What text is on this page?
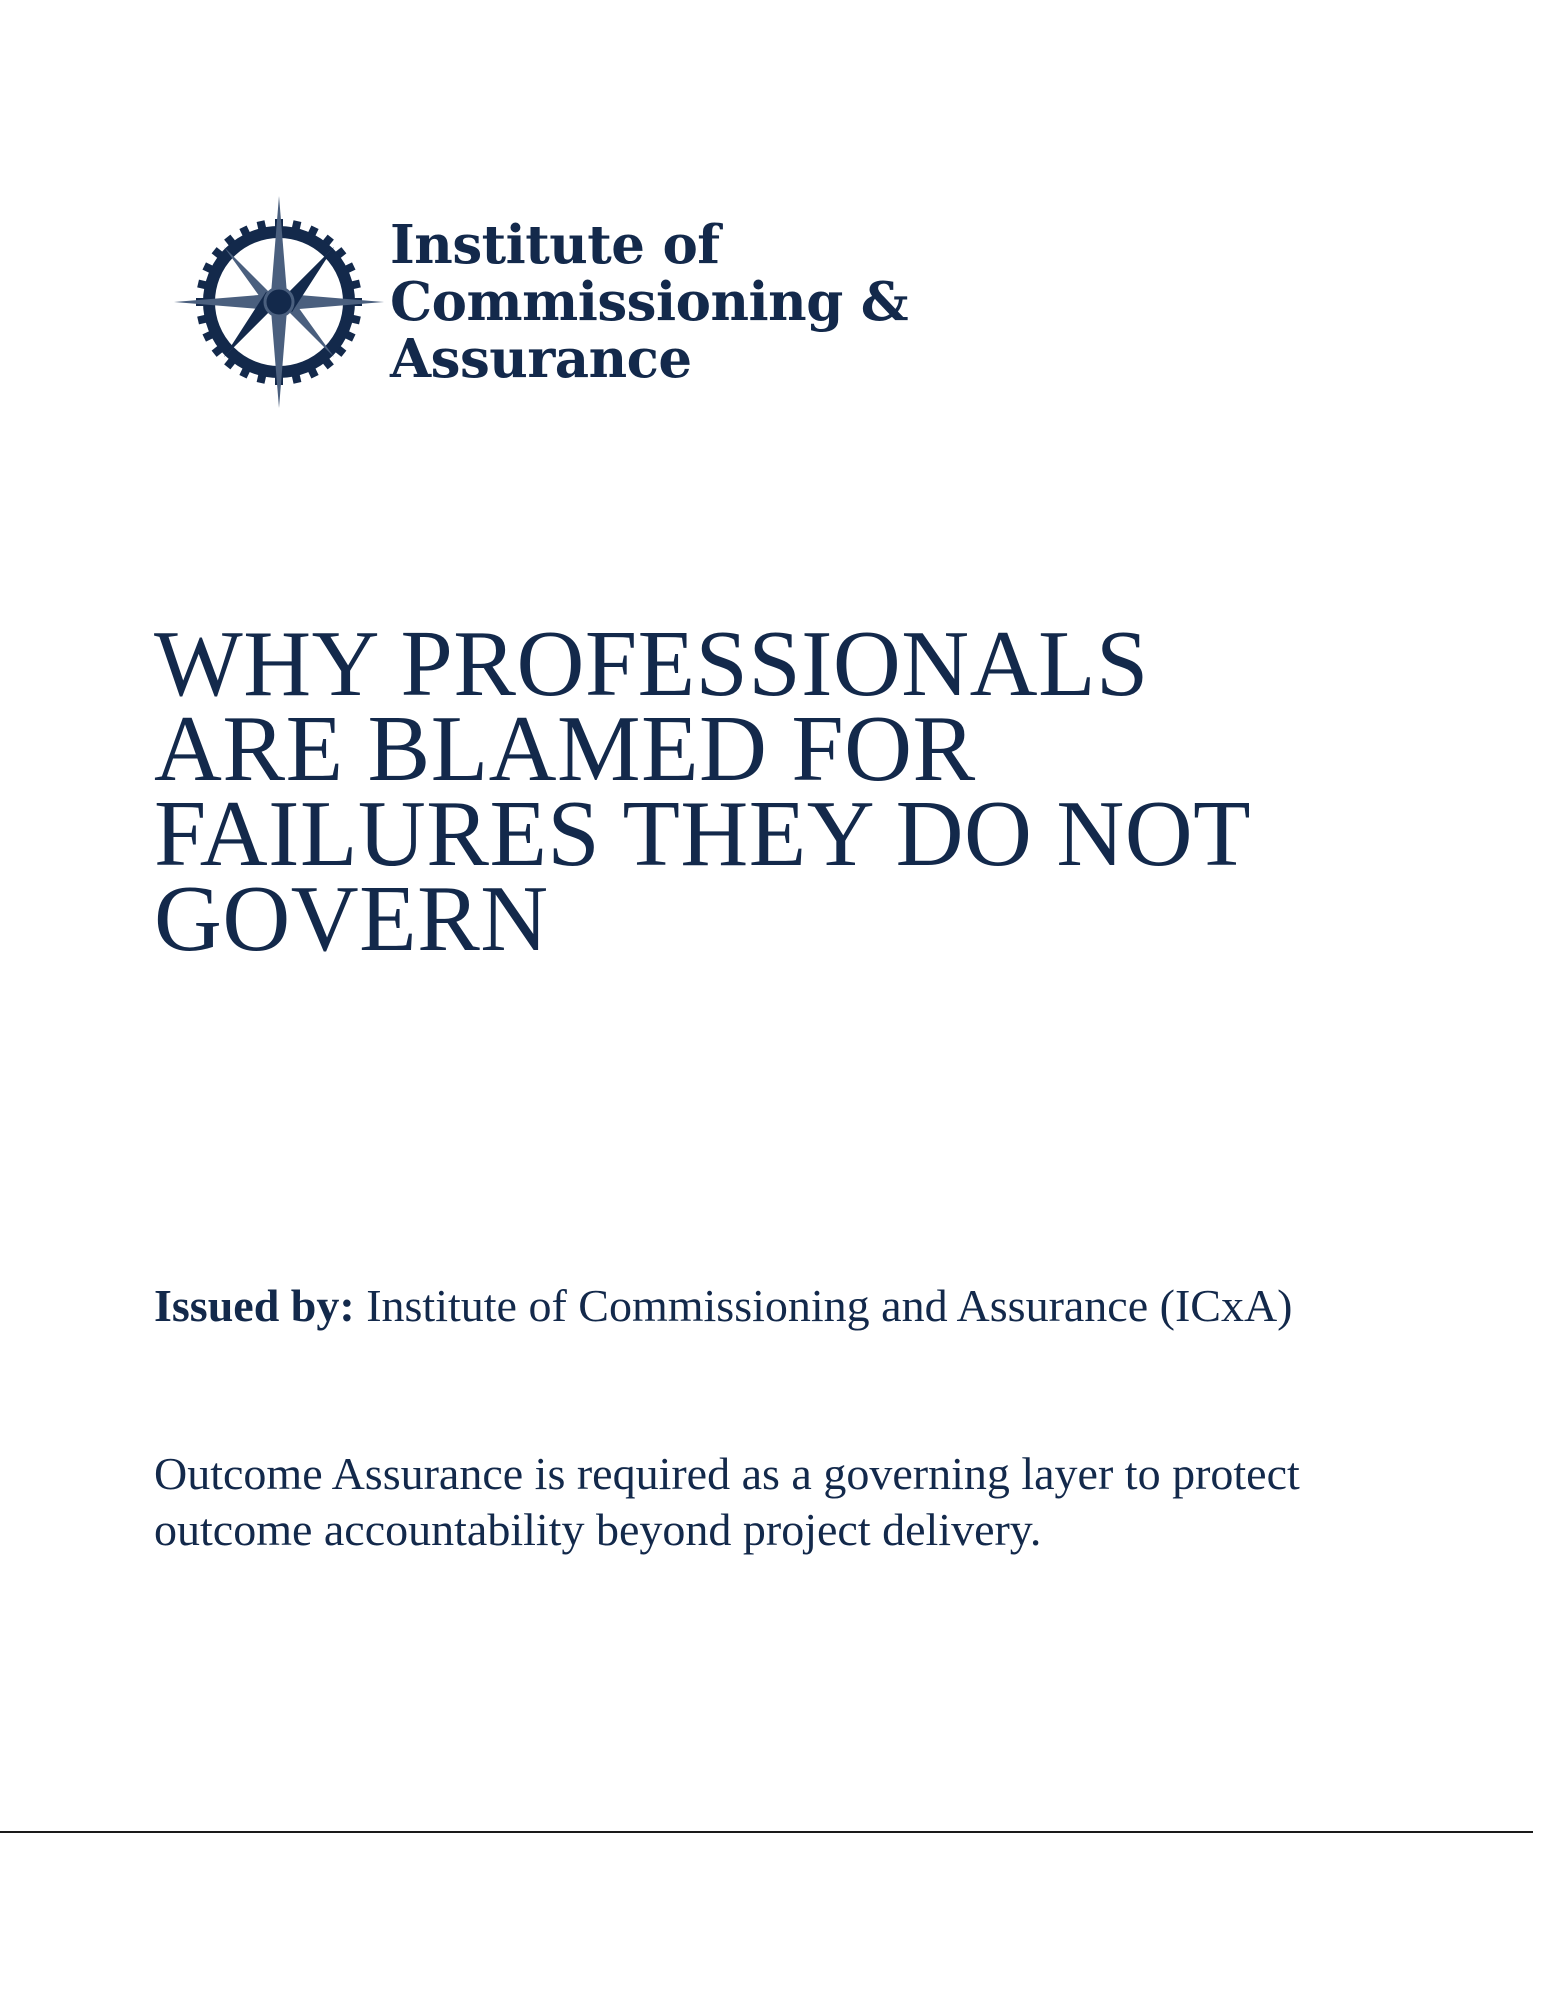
Institute of
Commissioning &
Assurance
WHY PROFESSIONALS
ARE BLAMED FOR
FAILURES THEY DO NOT
GOVERN

Issued by: Institute of Commissioning and Assurance (ICxA)

Outcome Assurance is required as a governing layer to protect outcome accountability beyond project delivery.
